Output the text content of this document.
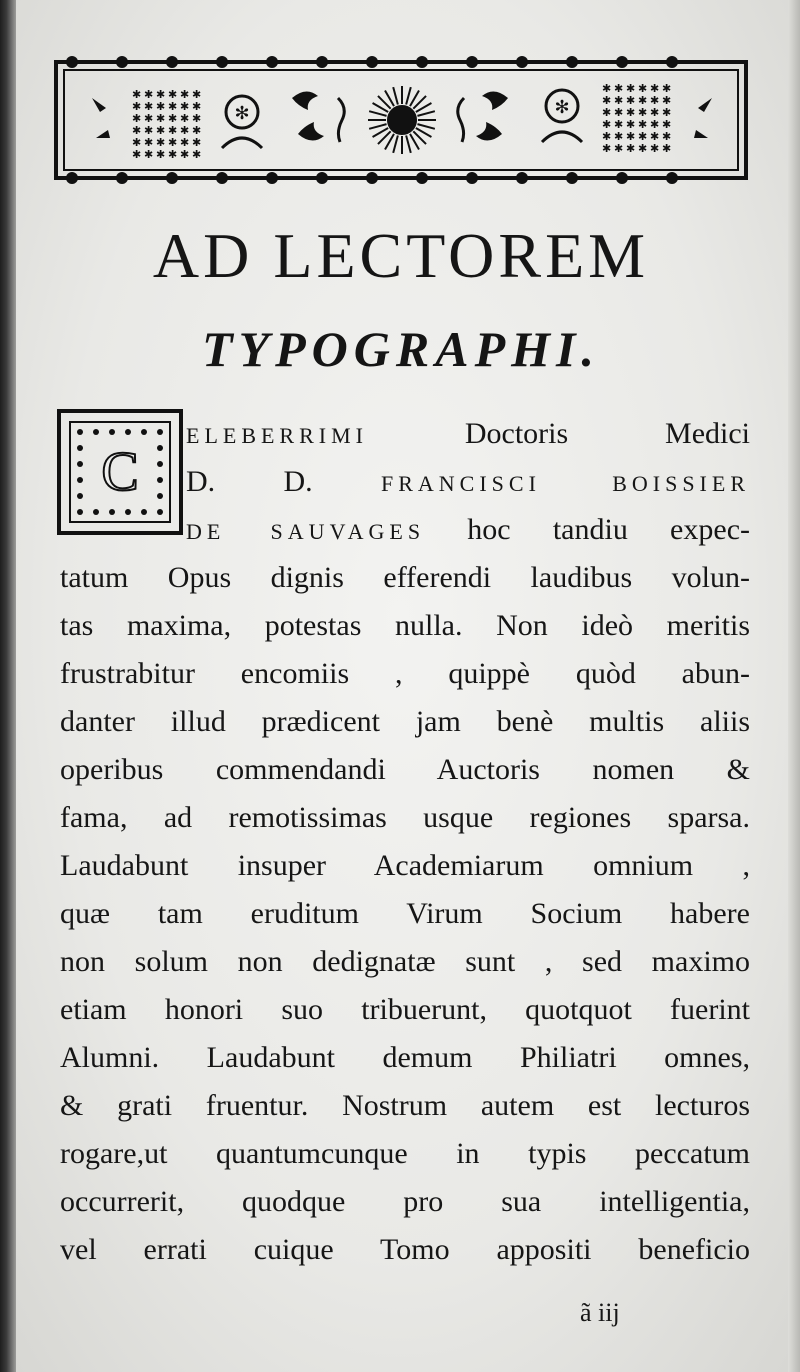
✱ ✱ ✱ ✱ ✱ ✱
✱ ✱ ✱ ✱ ✱ ✱
✱ ✱ ✱ ✱ ✱ ✱
✱ ✱ ✱ ✱ ✱ ✱
✱ ✱ ✱ ✱ ✱ ✱
✱ ✱ ✱ ✱ ✱ ✱
✱ ✱ ✱ ✱ ✱ ✱
✱ ✱ ✱ ✱ ✱ ✱
✱ ✱ ✱ ✱ ✱ ✱
✱ ✱ ✱ ✱ ✱ ✱
✱ ✱ ✱ ✱ ✱ ✱
✱ ✱ ✱ ✱ ✱ ✱
✻	✻
AD LECTOREM
TYPOGRAPHI.
C
ELEBERRIMI Doctoris Medici
D. D. FRANCISCI BOISSIER
DE SAUVAGES hoc tandiu expec-
tatum Opus dignis efferendi laudibus volun-
tas maxima, potestas nulla. Non ideò meritis
frustrabitur encomiis , quippè quòd abun-
danter illud prædicent jam benè multis aliis
operibus commendandi Auctoris nomen &
fama, ad remotissimas usque regiones sparsa.
Laudabunt insuper Academiarum omnium ,
quæ tam eruditum Virum Socium habere
non solum non dedignatæ sunt , sed maximo
etiam honori suo tribuerunt, quotquot fuerint
Alumni. Laudabunt demum Philiatri omnes,
& grati fruentur. Nostrum autem est lecturos
rogare,ut quantumcunque in typis peccatum
occurrerit, quodque pro sua intelligentia,
vel errati cuique Tomo appositi beneficio
ã iij
